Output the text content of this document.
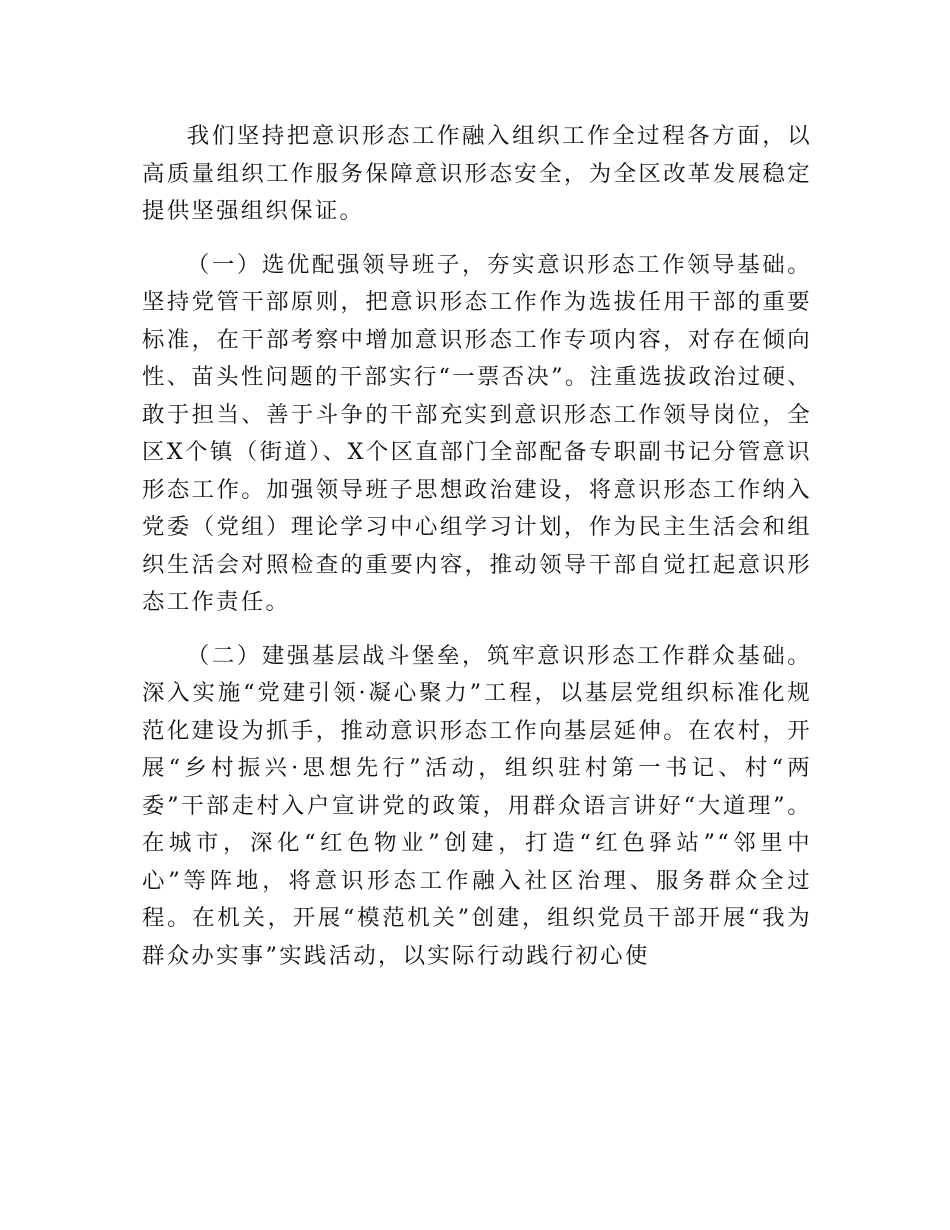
我们坚持把意识形态工作融入组织工作全过程各方面，以高质量组织工作服务保障意识形态安全，为全区改革发展稳定提供坚强组织保证。

（一）选优配强领导班子，夯实意识形态工作领导基础。坚持党管干部原则，把意识形态工作作为选拔任用干部的重要标准，在干部考察中增加意识形态工作专项内容，对存在倾向性、苗头性问题的干部实行“一票否决”。注重选拔政治过硬、敢于担当、善于斗争的干部充实到意识形态工作领导岗位，全区X个镇（街道）、X个区直部门全部配备专职副书记分管意识形态工作。加强领导班子思想政治建设，将意识形态工作纳入党委（党组）理论学习中心组学习计划，作为民主生活会和组织生活会对照检查的重要内容，推动领导干部自觉扛起意识形态工作责任。

（二）建强基层战斗堡垒，筑牢意识形态工作群众基础。深入实施“党建引领·凝心聚力”工程，以基层党组织标准化规范化建设为抓手，推动意识形态工作向基层延伸。在农村，开展“乡村振兴·思想先行”活动，组织驻村第一书记、村“两委”干部走村入户宣讲党的政策，用群众语言讲好“大道理”。在城市，深化“红色物业”创建，打造“红色驿站”“邻里中心”等阵地，将意识形态工作融入社区治理、服务群众全过程。在机关，开展“模范机关”创建，组织党员干部开展“我为群众办实事”实践活动，以实际行动践行初心使
